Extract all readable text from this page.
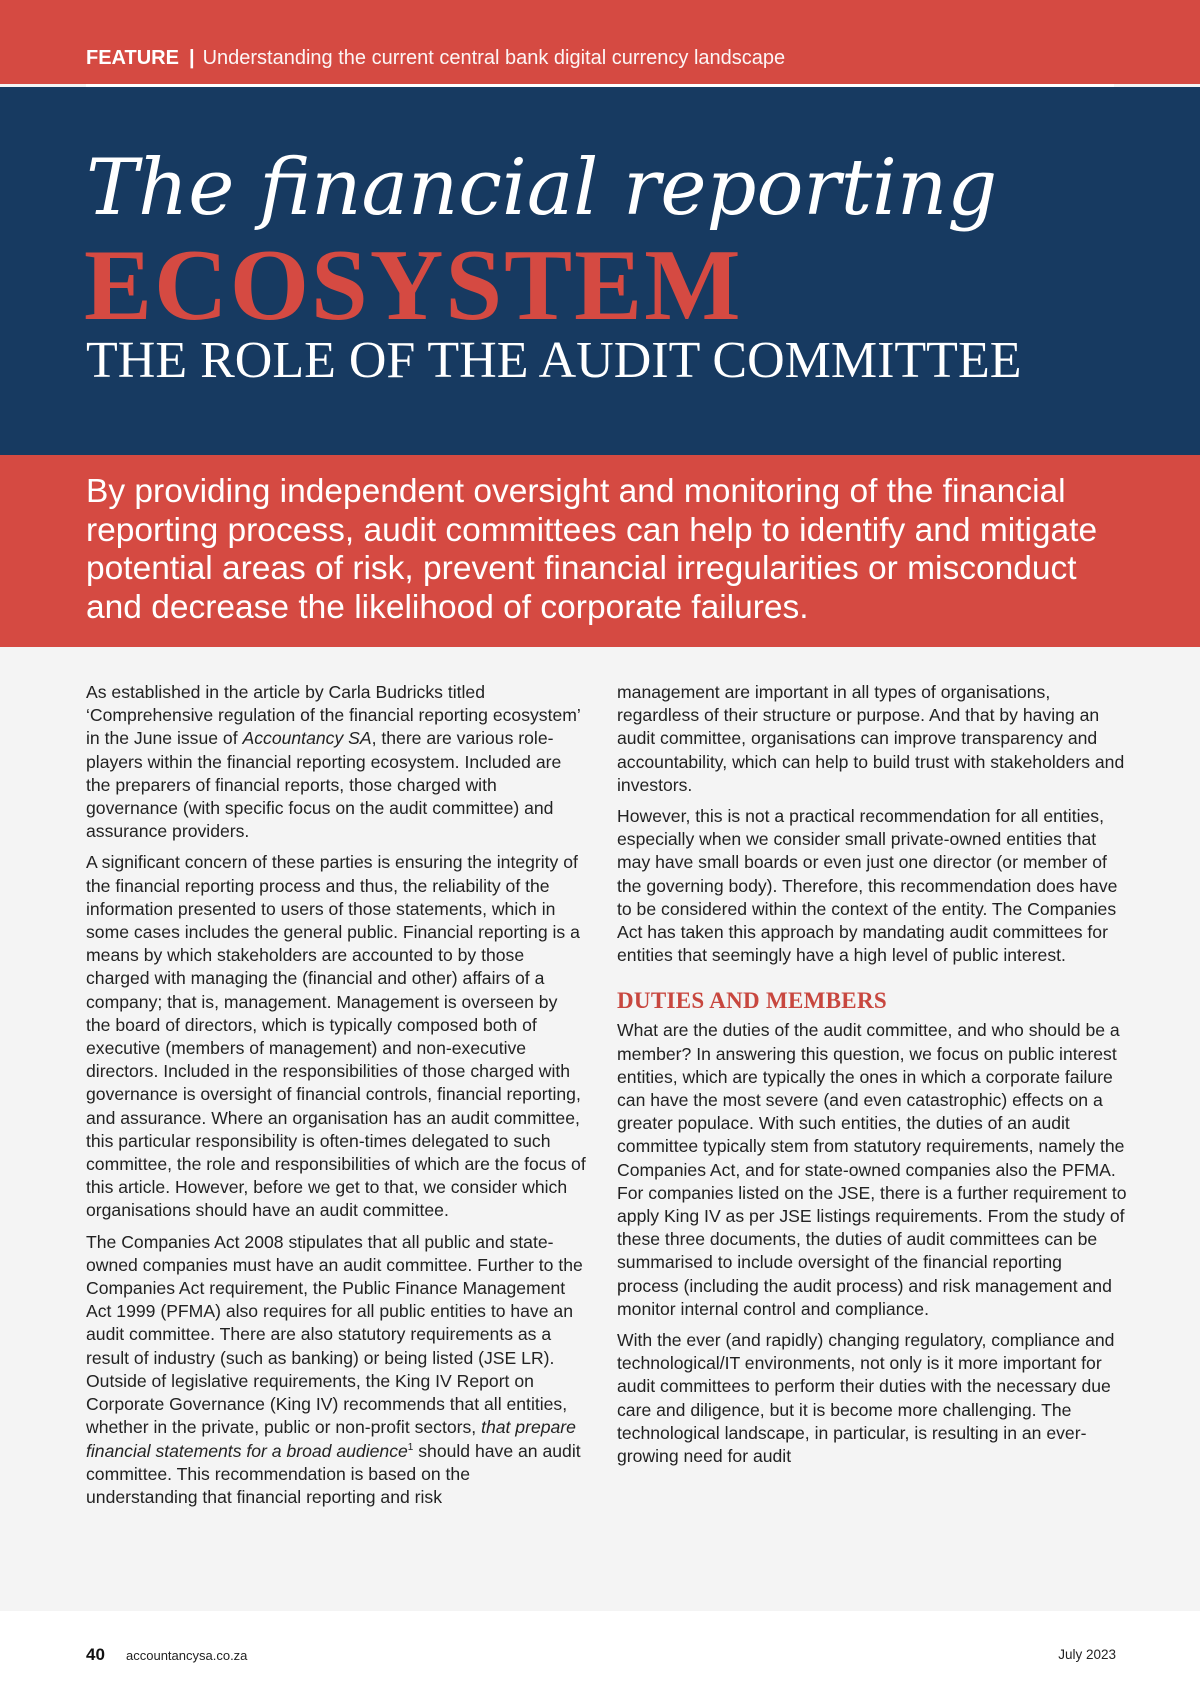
FEATURE | Understanding the current central bank digital currency landscape
The financial reporting
ECOSYSTEM
THE ROLE OF THE AUDIT COMMITTEE

By providing independent oversight and monitoring of the financial reporting process, audit committees can help to identify and mitigate potential areas of risk, prevent financial irregularities or misconduct and decrease the likelihood of corporate failures.

As established in the article by Carla Budricks titled ‘Comprehensive regulation of the financial reporting ecosystem’ in the June issue of Accountancy SA, there are various role-players within the financial reporting ecosystem. Included are the preparers of financial reports, those charged with governance (with specific focus on the audit committee) and assurance providers.

A significant concern of these parties is ensuring the integrity of the financial reporting process and thus, the reliability of the information presented to users of those statements, which in some cases includes the general public. Financial reporting is a means by which stakeholders are accounted to by those charged with managing the (financial and other) affairs of a company; that is, management. Management is overseen by the board of directors, which is typically composed both of executive (members of management) and non-executive directors. Included in the responsibilities of those charged with governance is oversight of financial controls, financial reporting, and assurance. Where an organisation has an audit committee, this particular responsibility is often-times delegated to such committee, the role and responsibilities of which are the focus of this article. However, before we get to that, we consider which organisations should have an audit committee.

The Companies Act 2008 stipulates that all public and state-owned companies must have an audit committee. Further to the Companies Act requirement, the Public Finance Management Act 1999 (PFMA) also requires for all public entities to have an audit committee. There are also statutory requirements as a result of industry (such as banking) or being listed (JSE LR). Outside of legislative requirements, the King IV Report on Corporate Governance (King IV) recommends that all entities, whether in the private, public or non-profit sectors, that prepare financial statements for a broad audience$^1$ should have an audit committee. This recommendation is based on the understanding that financial reporting and risk

management are important in all types of organisations, regardless of their structure or purpose. And that by having an audit committee, organisations can improve transparency and accountability, which can help to build trust with stakeholders and investors.

However, this is not a practical recommendation for all entities, especially when we consider small private-owned entities that may have small boards or even just one director (or member of the governing body). Therefore, this recommendation does have to be considered within the context of the entity. The Companies Act has taken this approach by mandating audit committees for entities that seemingly have a high level of public interest.

DUTIES AND MEMBERS

What are the duties of the audit committee, and who should be a member? In answering this question, we focus on public interest entities, which are typically the ones in which a corporate failure can have the most severe (and even catastrophic) effects on a greater populace. With such entities, the duties of an audit committee typically stem from statutory requirements, namely the Companies Act, and for state-owned companies also the PFMA. For companies listed on the JSE, there is a further requirement to apply King IV as per JSE listings requirements. From the study of these three documents, the duties of audit committees can be summarised to include oversight of the financial reporting process (including the audit process) and risk management and monitor internal control and compliance.

With the ever (and rapidly) changing regulatory, compliance and technological/IT environments, not only is it more important for audit committees to perform their duties with the necessary due care and diligence, but it is become more challenging. The technological landscape, in particular, is resulting in an ever-growing need for audit

40 accountancysa.co.za	July 2023
